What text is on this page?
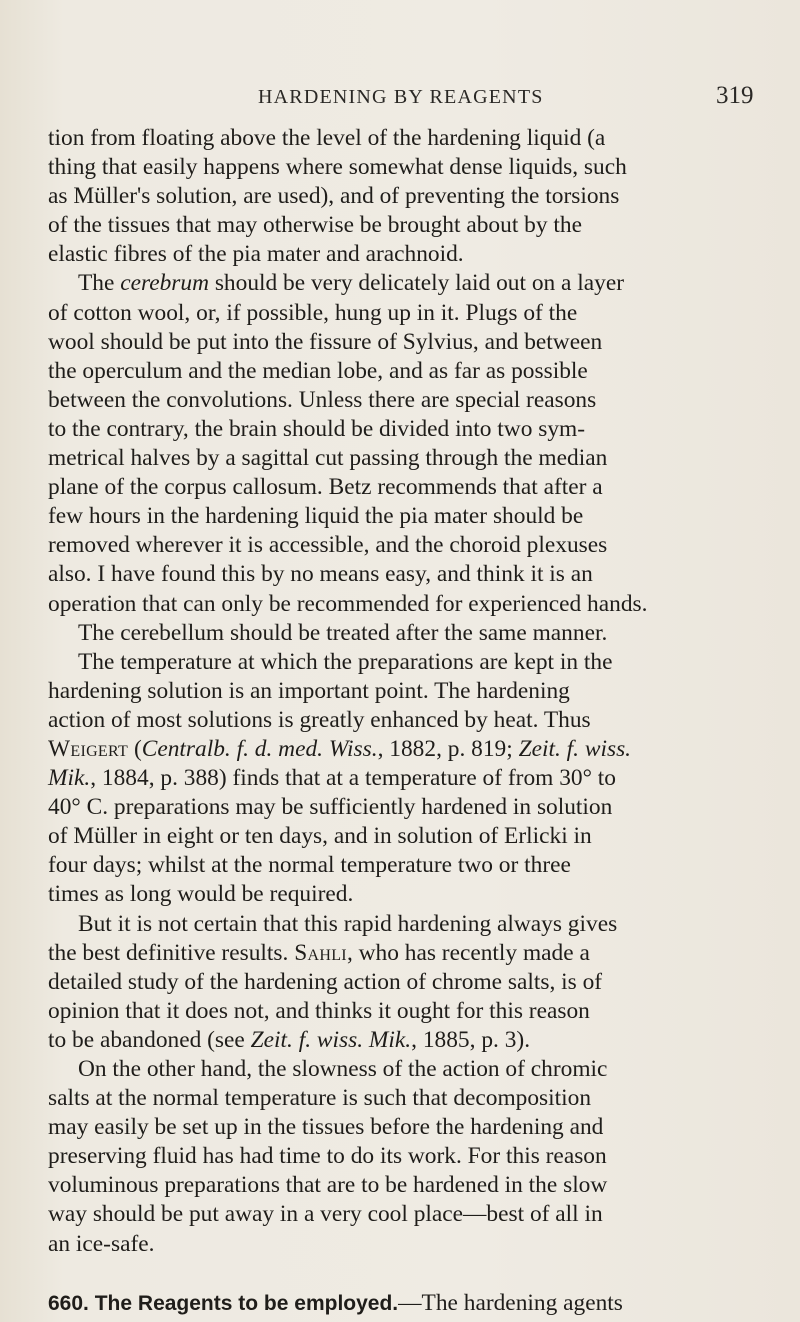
HARDENING BY REAGENTS	319
tion from floating above the level of the hardening liquid (a
thing that easily happens where somewhat dense liquids, such
as Müller's solution, are used), and of preventing the torsions
of the tissues that may otherwise be brought about by the
elastic fibres of the pia mater and arachnoid.
The cerebrum should be very delicately laid out on a layer
of cotton wool, or, if possible, hung up in it. Plugs of the
wool should be put into the fissure of Sylvius, and between
the operculum and the median lobe, and as far as possible
between the convolutions. Unless there are special reasons
to the contrary, the brain should be divided into two sym-
metrical halves by a sagittal cut passing through the median
plane of the corpus callosum. Betz recommends that after a
few hours in the hardening liquid the pia mater should be
removed wherever it is accessible, and the choroid plexuses
also. I have found this by no means easy, and think it is an
operation that can only be recommended for experienced hands.
The cerebellum should be treated after the same manner.
The temperature at which the preparations are kept in the
hardening solution is an important point. The hardening
action of most solutions is greatly enhanced by heat. Thus
Weigert (Centralb. f. d. med. Wiss., 1882, p. 819; Zeit. f. wiss.
Mik., 1884, p. 388) finds that at a temperature of from 30° to
40° C. preparations may be sufficiently hardened in solution
of Müller in eight or ten days, and in solution of Erlicki in
four days; whilst at the normal temperature two or three
times as long would be required.
But it is not certain that this rapid hardening always gives
the best definitive results. Sahli, who has recently made a
detailed study of the hardening action of chrome salts, is of
opinion that it does not, and thinks it ought for this reason
to be abandoned (see Zeit. f. wiss. Mik., 1885, p. 3).
On the other hand, the slowness of the action of chromic
salts at the normal temperature is such that decomposition
may easily be set up in the tissues before the hardening and
preserving fluid has had time to do its work. For this reason
voluminous preparations that are to be hardened in the slow
way should be put away in a very cool place—best of all in
an ice-safe.
660. The Reagents to be employed.—The hardening agents
